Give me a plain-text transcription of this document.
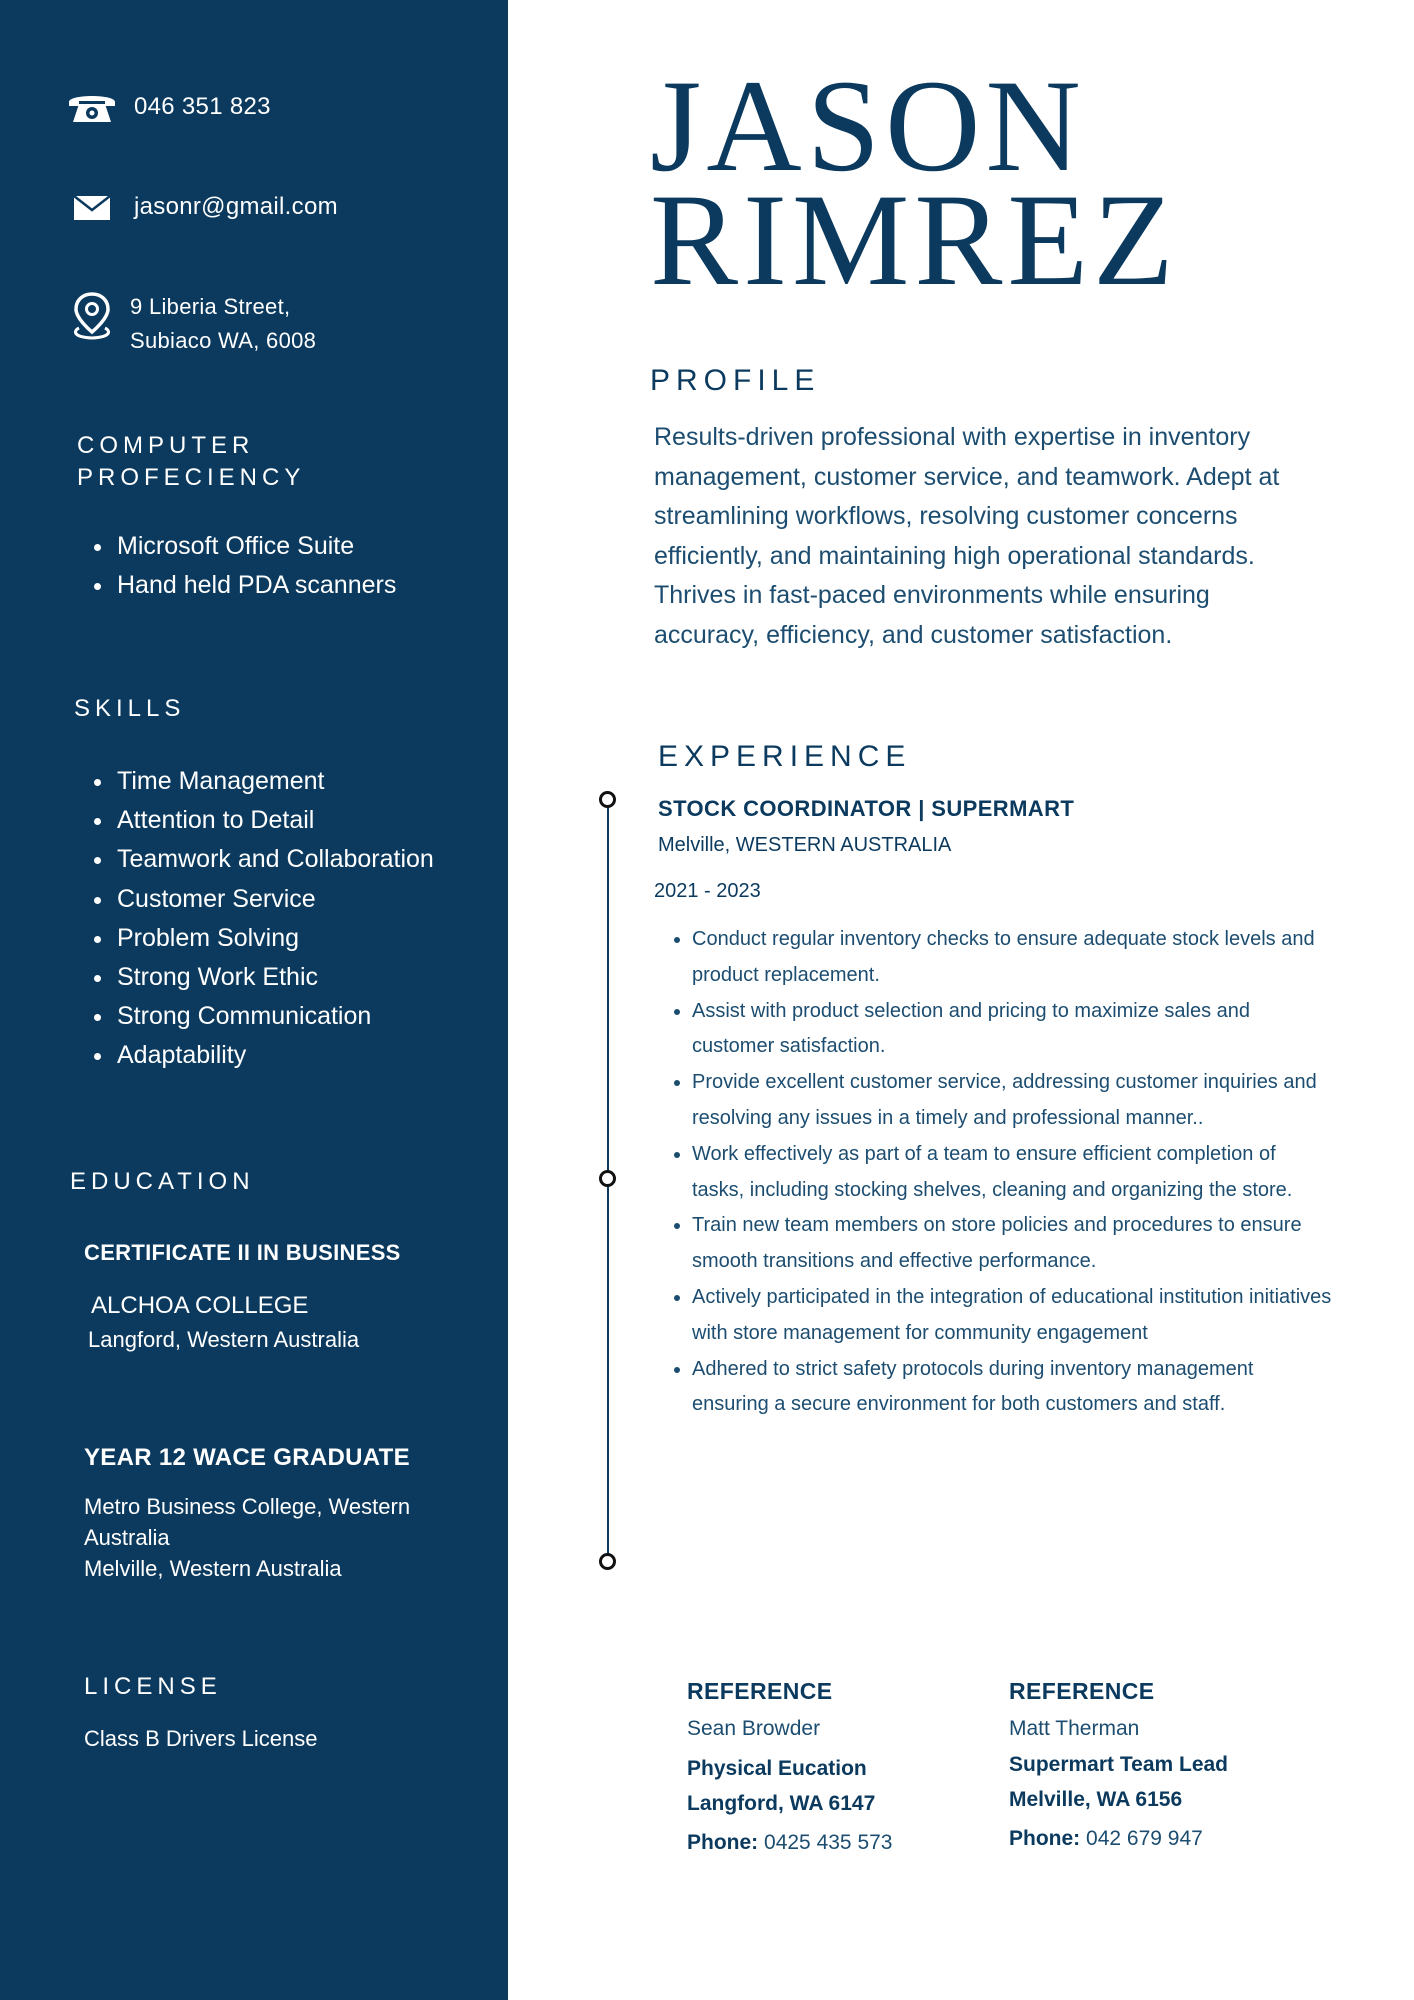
046 351 823
jasonr@gmail.com
9 Liberia Street,
Subiaco WA, 6008
COMPUTER
PROFECIENCY
• Microsoft Office Suite
• Hand held PDA scanners
SKILLS
• Time Management
• Attention to Detail
• Teamwork and Collaboration
• Customer Service
• Problem Solving
• Strong Work Ethic
• Strong Communication
• Adaptability
EDUCATION
CERTIFICATE II IN BUSINESS
ALCHOA COLLEGE
Langford, Western Australia
YEAR 12 WACE GRADUATE
Metro Business College, Western
Australia
Melville, Western Australia
LICENSE
Class B Drivers License
JASON
RIMREZ
PROFILE
Results-driven professional with expertise in inventory management, customer service, and teamwork. Adept at streamlining workflows, resolving customer concerns efficiently, and maintaining high operational standards. Thrives in fast-paced environments while ensuring accuracy, efficiency, and customer satisfaction.
EXPERIENCE
STOCK COORDINATOR | SUPERMART
Melville, WESTERN AUSTRALIA
2021 - 2023
• Conduct regular inventory checks to ensure adequate stock levels and product replacement.
• Assist with product selection and pricing to maximize sales and customer satisfaction.
• Provide excellent customer service, addressing customer inquiries and resolving any issues in a timely and professional manner..
• Work effectively as part of a team to ensure efficient completion of tasks, including stocking shelves, cleaning and organizing the store.
• Train new team members on store policies and procedures to ensure smooth transitions and effective performance.
• Actively participated in the integration of educational institution initiatives with store management for community engagement
• Adhered to strict safety protocols during inventory management ensuring a secure environment for both customers and staff.
REFERENCE
Sean Browder
Physical Eucation
Langford, WA 6147
Phone: 0425 435 573
REFERENCE
Matt Therman
Supermart Team Lead
Melville, WA 6156
Phone: 042 679 947
